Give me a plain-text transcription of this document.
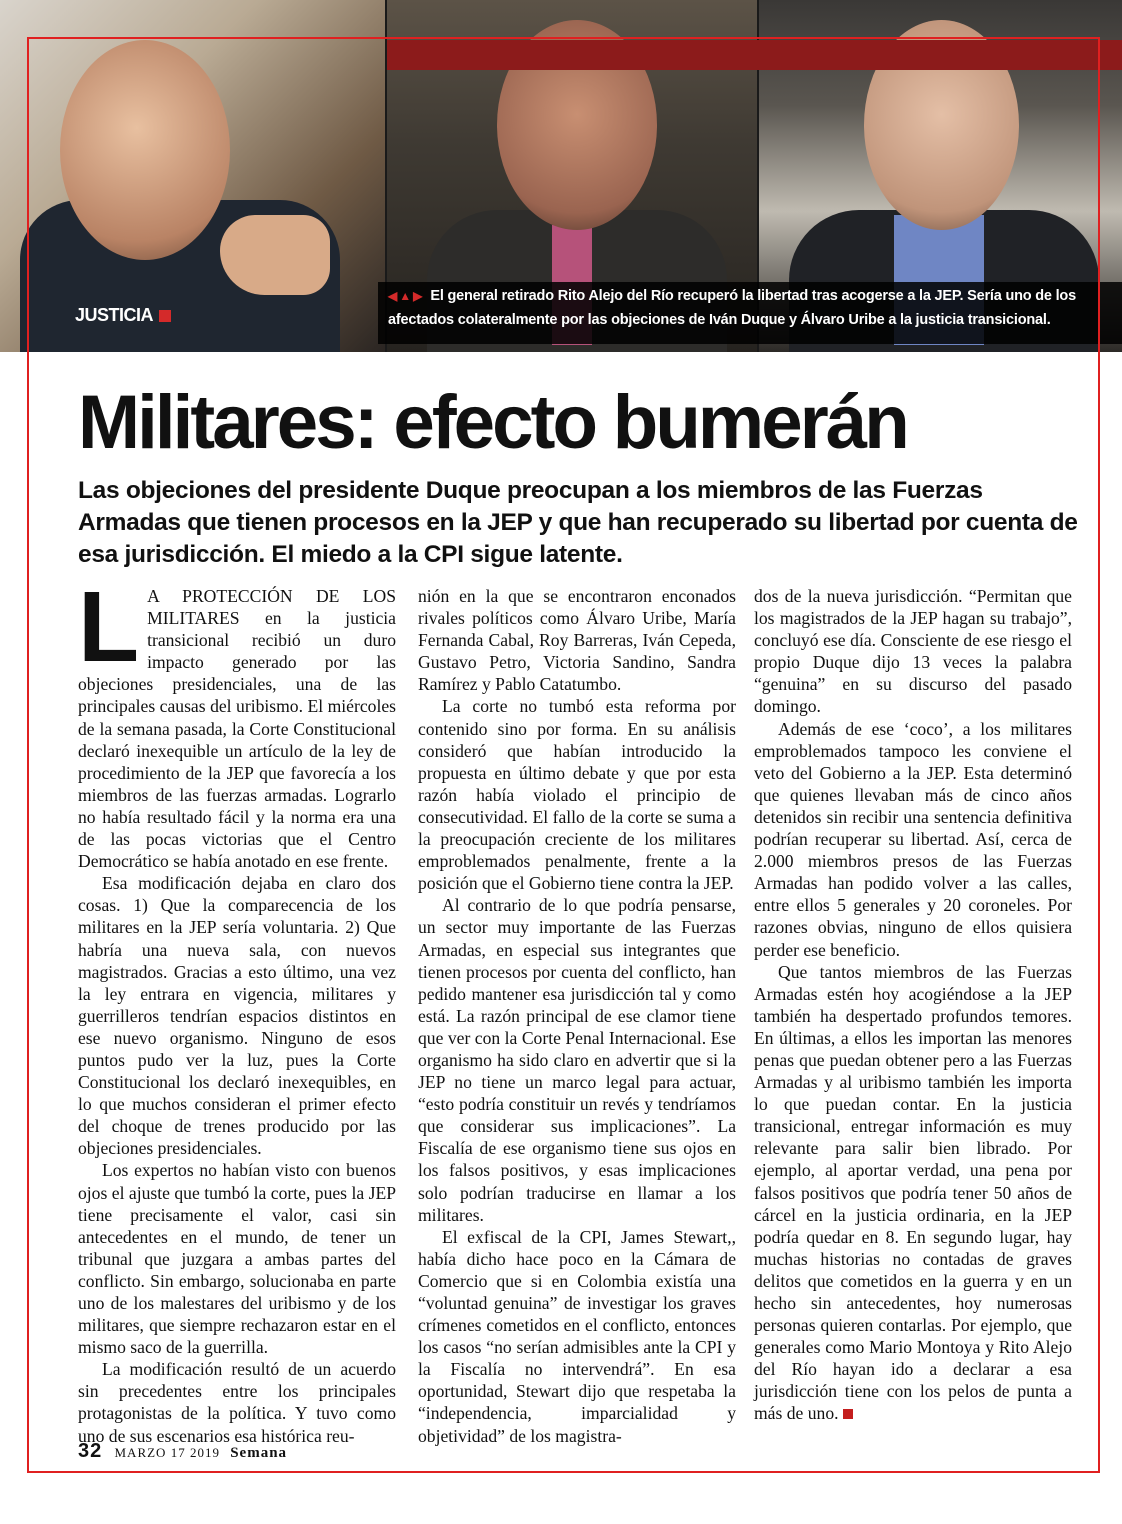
◀▲▶ El general retirado Rito Alejo del Río recuperó la libertad tras acogerse a la JEP. Sería uno de los afectados colateralmente por las objeciones de Iván Duque y Álvaro Uribe a la justicia transicional.
JUSTICIA
Militares: efecto bumerán
Las objeciones del presidente Duque preocupan a los miembros de las Fuerzas Armadas que tienen procesos en la JEP y que han recuperado su libertad por cuenta de esa jurisdicción. El miedo a la CPI sigue latente.
L A PROTECCIÓN DE LOS MILITARES en la justicia transicional recibió un duro impacto generado por las objeciones presidenciales, una de las principales causas del uribismo. El miércoles de la semana pasada, la Corte Constitucional declaró inexequible un artículo de la ley de procedimiento de la JEP que favorecía a los miembros de las fuerzas armadas. Lograrlo no había resultado fácil y la norma era una de las pocas victorias que el Centro Democrático se había anotado en ese frente.

Esa modificación dejaba en claro dos cosas. 1) Que la comparecencia de los militares en la JEP sería voluntaria. 2) Que habría una nueva sala, con nuevos magistrados. Gracias a esto último, una vez la ley entrara en vigencia, militares y guerrilleros tendrían espacios distintos en ese nuevo organismo. Ninguno de esos puntos pudo ver la luz, pues la Corte Constitucional los declaró inexequibles, en lo que muchos consideran el primer efecto del choque de trenes producido por las objeciones presidenciales.

Los expertos no habían visto con buenos ojos el ajuste que tumbó la corte, pues la JEP tiene precisamente el valor, casi sin antecedentes en el mundo, de tener un tribunal que juzgara a ambas partes del conflicto. Sin embargo, solucionaba en parte uno de los malestares del uribismo y de los militares, que siempre rechazaron estar en el mismo saco de la guerrilla.

La modificación resultó de un acuerdo sin precedentes entre los principales protagonistas de la política. Y tuvo como uno de sus escenarios esa histórica reu-

nión en la que se encontraron enconados rivales políticos como Álvaro Uribe, María Fernanda Cabal, Roy Barreras, Iván Cepeda, Gustavo Petro, Victoria Sandino, Sandra Ramírez y Pablo Catatumbo.

La corte no tumbó esta reforma por contenido sino por forma. En su análisis consideró que habían introducido la propuesta en último debate y que por esta razón había violado el principio de consecutividad. El fallo de la corte se suma a la preocupación creciente de los militares emproblemados penalmente, frente a la posición que el Gobierno tiene contra la JEP.

Al contrario de lo que podría pensarse, un sector muy importante de las Fuerzas Armadas, en especial sus integrantes que tienen procesos por cuenta del conflicto, han pedido mantener esa jurisdicción tal y como está. La razón principal de ese clamor tiene que ver con la Corte Penal Internacional. Ese organismo ha sido claro en advertir que si la JEP no tiene un marco legal para actuar, “esto podría constituir un revés y tendríamos que considerar sus implicaciones”. La Fiscalía de ese organismo tiene sus ojos en los falsos positivos, y esas implicaciones solo podrían traducirse en llamar a los militares.

El exfiscal de la CPI, James Stewart,, había dicho hace poco en la Cámara de Comercio que si en Colombia existía una “voluntad genuina” de investigar los graves crímenes cometidos en el conflicto, entonces los casos “no serían admisibles ante la CPI y la Fiscalía no intervendrá”. En esa oportunidad, Stewart dijo que respetaba la “independencia, imparcialidad y objetividad” de los magistra-

dos de la nueva jurisdicción. “Permitan que los magistrados de la JEP hagan su trabajo”, concluyó ese día. Consciente de ese riesgo el propio Duque dijo 13 veces la palabra “genuina” en su discurso del pasado domingo.

Además de ese ‘coco’, a los militares emproblemados tampoco les conviene el veto del Gobierno a la JEP. Esta determinó que quienes llevaban más de cinco años detenidos sin recibir una sentencia definitiva podrían recuperar su libertad. Así, cerca de 2.000 miembros presos de las Fuerzas Armadas han podido volver a las calles, entre ellos 5 generales y 20 coroneles. Por razones obvias, ninguno de ellos quisiera perder ese beneficio.

Que tantos miembros de las Fuerzas Armadas estén hoy acogiéndose a la JEP también ha despertado profundos temores. En últimas, a ellos les importan las menores penas que puedan obtener pero a las Fuerzas Armadas y al uribismo también les importa lo que puedan contar. En la justicia transicional, entregar información es muy relevante para salir bien librado. Por ejemplo, al aportar verdad, una pena por falsos positivos que podría tener 50 años de cárcel en la justicia ordinaria, en la JEP podría quedar en 8. En segundo lugar, hay muchas historias no contadas de graves delitos que cometidos en la guerra y en un hecho sin antecedentes, hoy numerosas personas quieren contarlas. Por ejemplo, que generales como Mario Montoya y Rito Alejo del Río hayan ido a declarar a esa jurisdicción tiene con los pelos de punta a más de uno.

32 MARZO 17 2019 Semana
